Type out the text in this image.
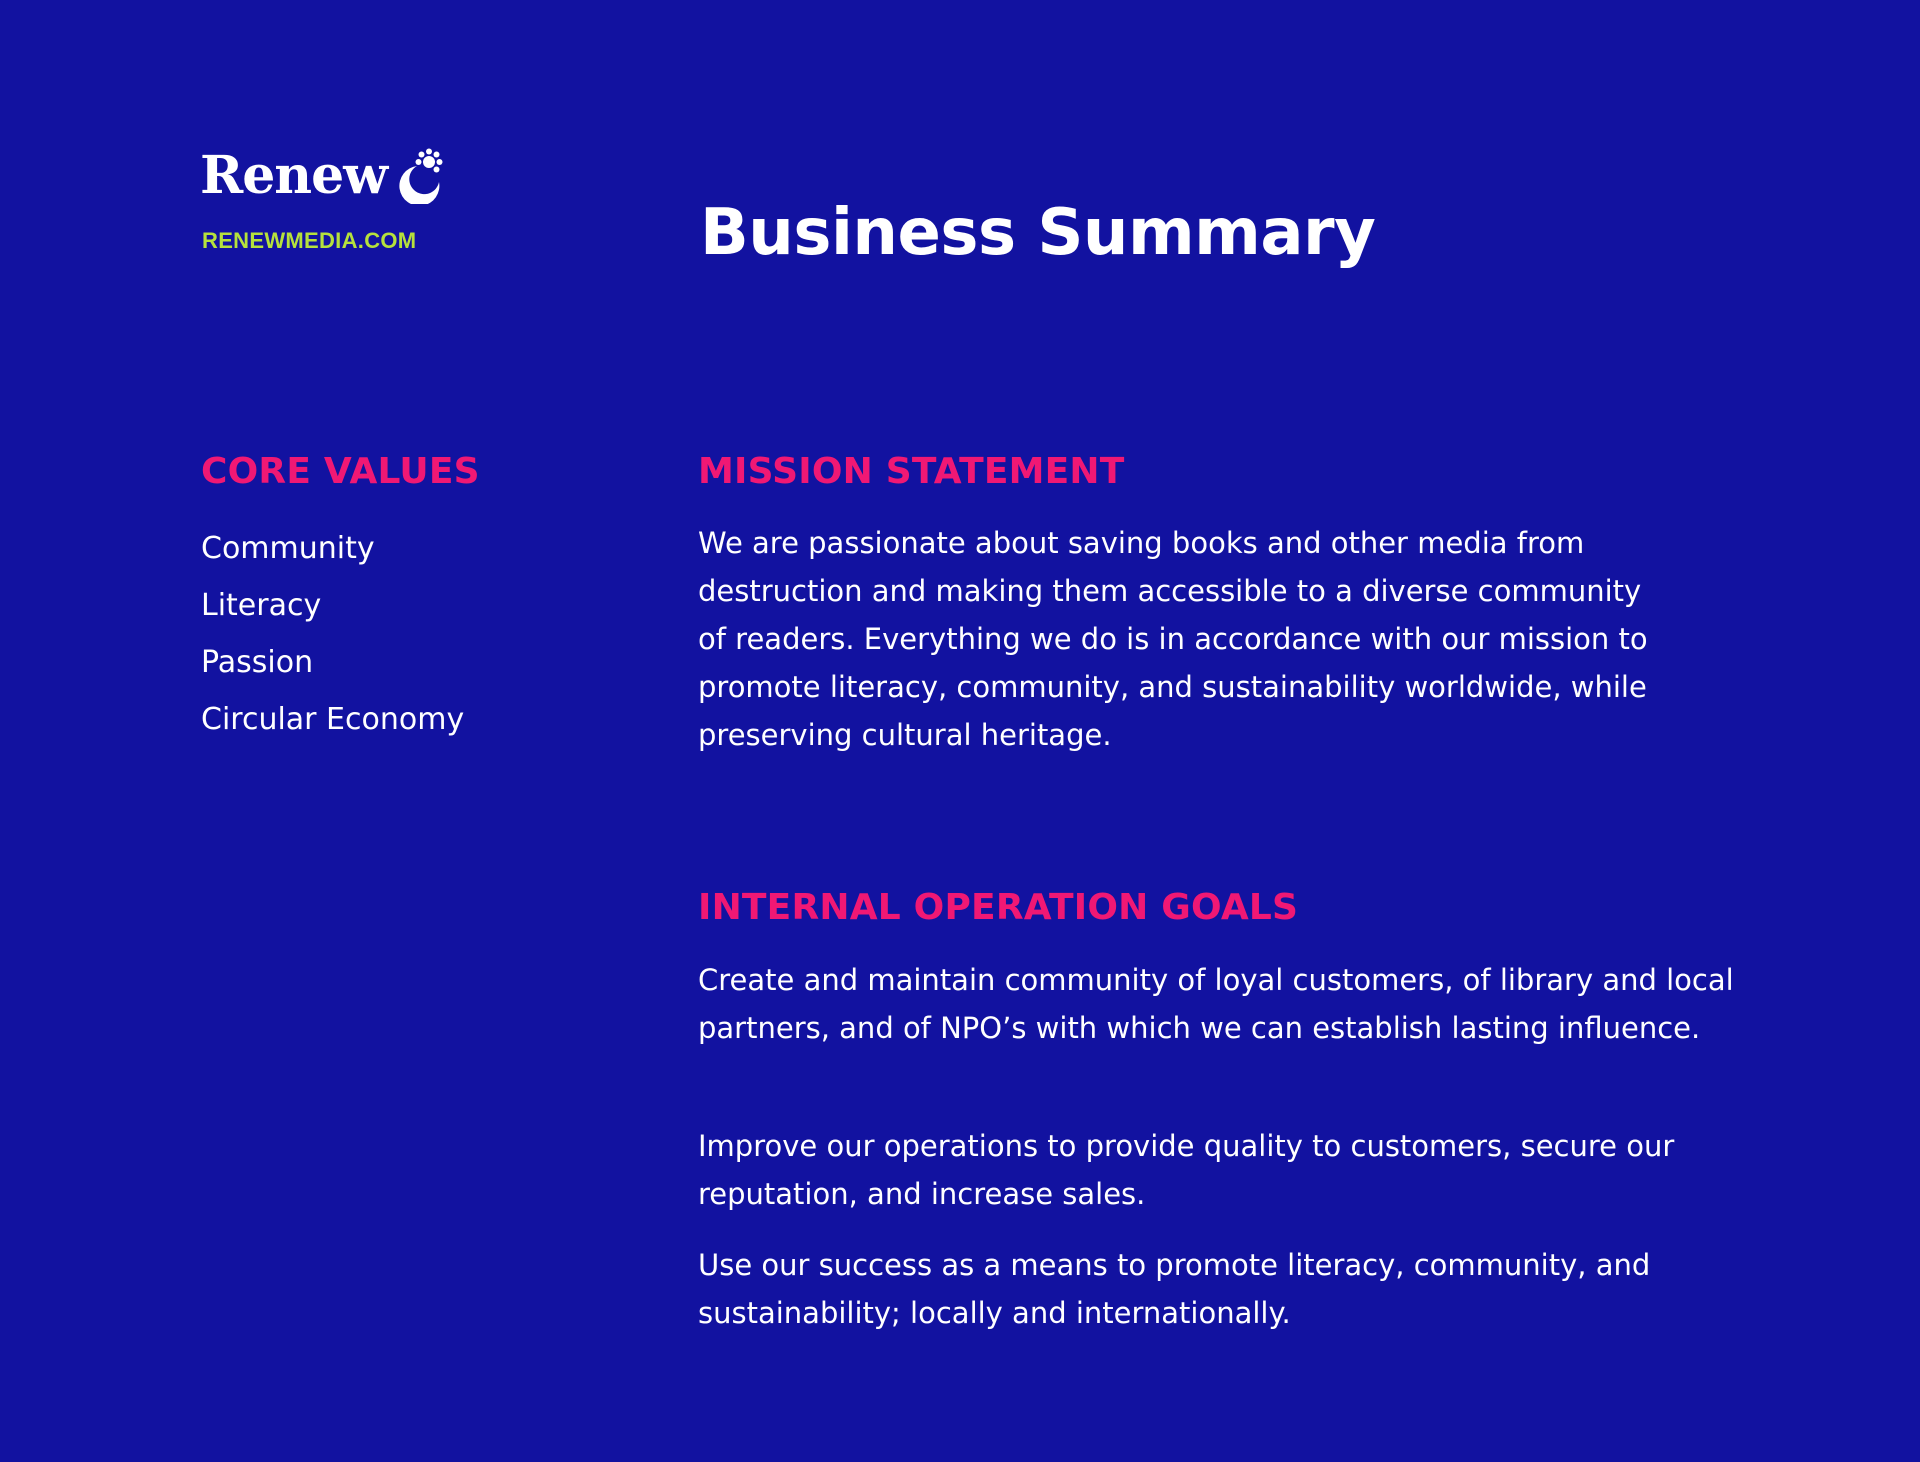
Renew
RENEWMEDIA.COM	Business Summary
CORE VALUES
Community
Literacy
Passion
Circular Economy
MISSION STATEMENT

We are passionate about saving books and other media from destruction and making them accessible to a diverse community of readers. Everything we do is in accordance with our mission to promote literacy, community, and sustainability worldwide, while preserving cultural heritage.

INTERNAL OPERATION GOALS

Create and maintain community of loyal customers, of library and local partners, and of NPO’s with which we can establish lasting influence.

Improve our operations to provide quality to customers, secure our reputation, and increase sales.

Use our success as a means to promote literacy, community, and sustainability; locally and internationally.
